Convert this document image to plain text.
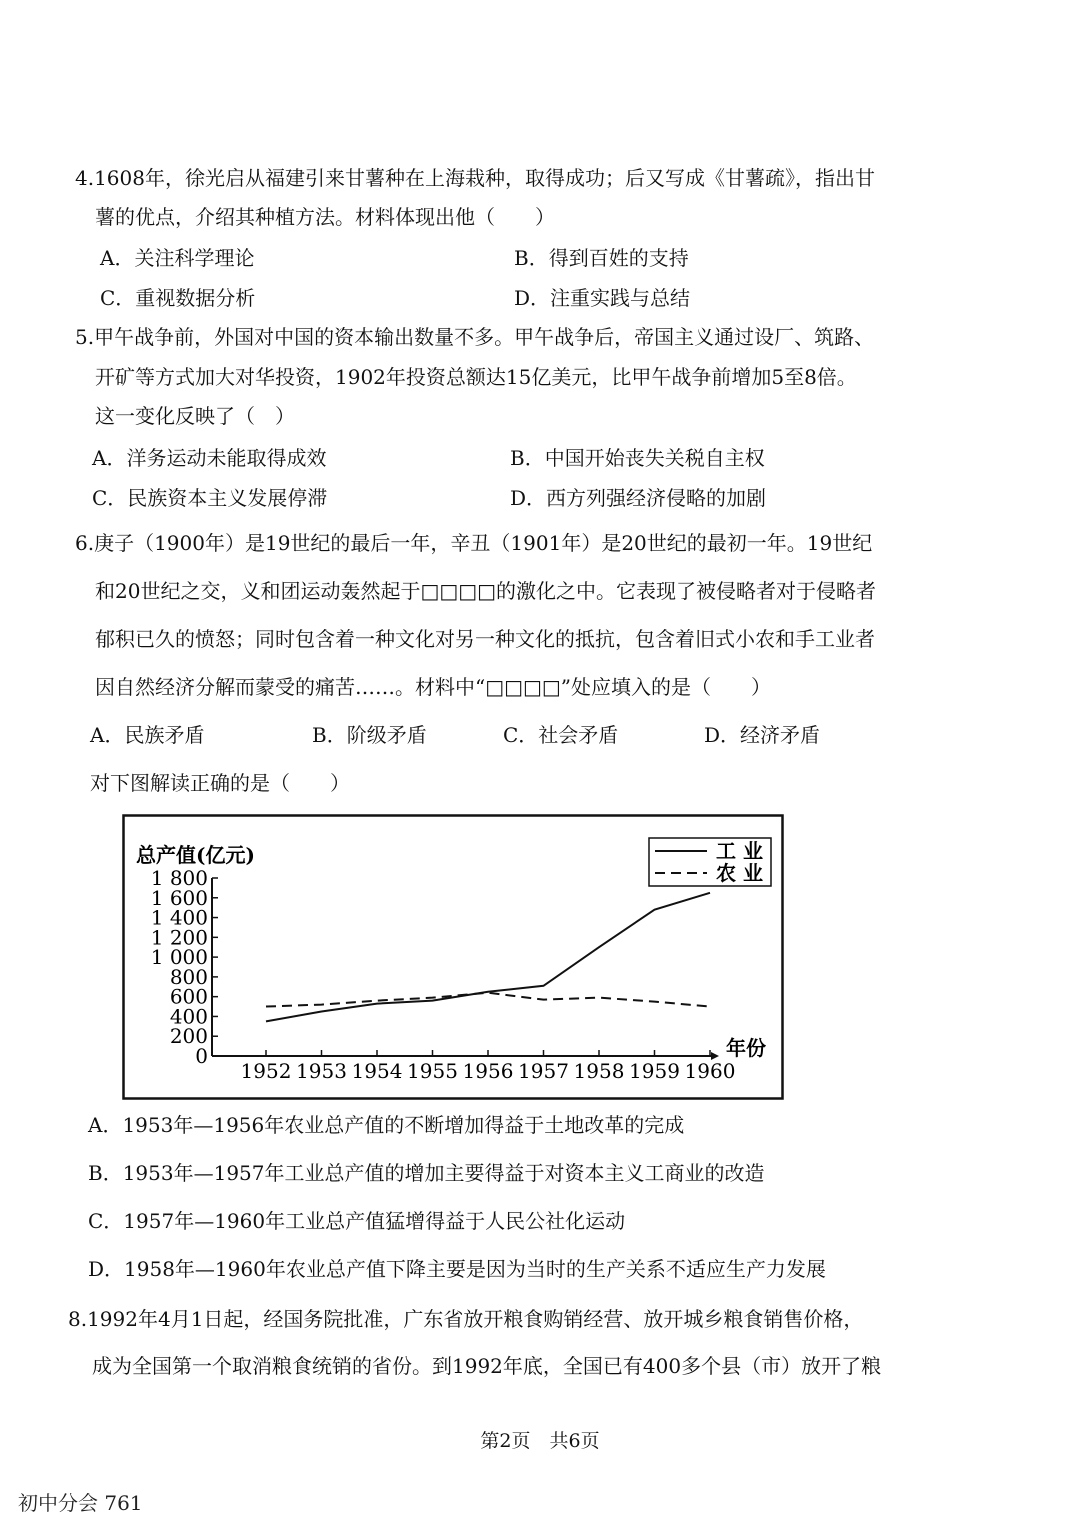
4.1608年，徐光启从福建引来甘薯种在上海栽种，取得成功；后又写成《甘薯疏》，指出甘
薯的优点，介绍其种植方法。材料体现出他（　　）
A．关注科学理论	B．得到百姓的支持
C．重视数据分析	D．注重实践与总结
5.甲午战争前，外国对中国的资本输出数量不多。甲午战争后，帝国主义通过设厂、筑路、
开矿等方式加大对华投资，1902年投资总额达15亿美元，比甲午战争前增加5至8倍。
这一变化反映了（　）
A．洋务运动未能取得成效	B．中国开始丧失关税自主权
C．民族资本主义发展停滞	D．西方列强经济侵略的加剧
6.庚子（1900年）是19世纪的最后一年，辛丑（1901年）是20世纪的最初一年。19世纪
和20世纪之交，义和团运动轰然起于□□□□的激化之中。它表现了被侵略者对于侵略者
郁积已久的愤怒；同时包含着一种文化对另一种文化的抵抗，包含着旧式小农和手工业者
因自然经济分解而蒙受的痛苦……。材料中“□□□□”处应填入的是（　　）
A．民族矛盾	B．阶级矛盾	C．社会矛盾	D．经济矛盾
对下图解读正确的是（　　）
总产值(亿元)
年份
0
200
400
600
800
1 000
1 200
1 400
1 600
1 800
1952 1953 1954 1955 1956 1957 1958 1959 1960
工 业
农 业
A．1953年—1956年农业总产值的不断增加得益于土地改革的完成
B．1953年—1957年工业总产值的增加主要得益于对资本主义工商业的改造
C．1957年—1960年工业总产值猛增得益于人民公社化运动
D．1958年—1960年农业总产值下降主要是因为当时的生产关系不适应生产力发展
8.1992年4月1日起，经国务院批准，广东省放开粮食购销经营、放开城乡粮食销售价格，
成为全国第一个取消粮食统销的省份。到1992年底，全国已有400多个县（市）放开了粮
第2页　共6页
初中分会 761
